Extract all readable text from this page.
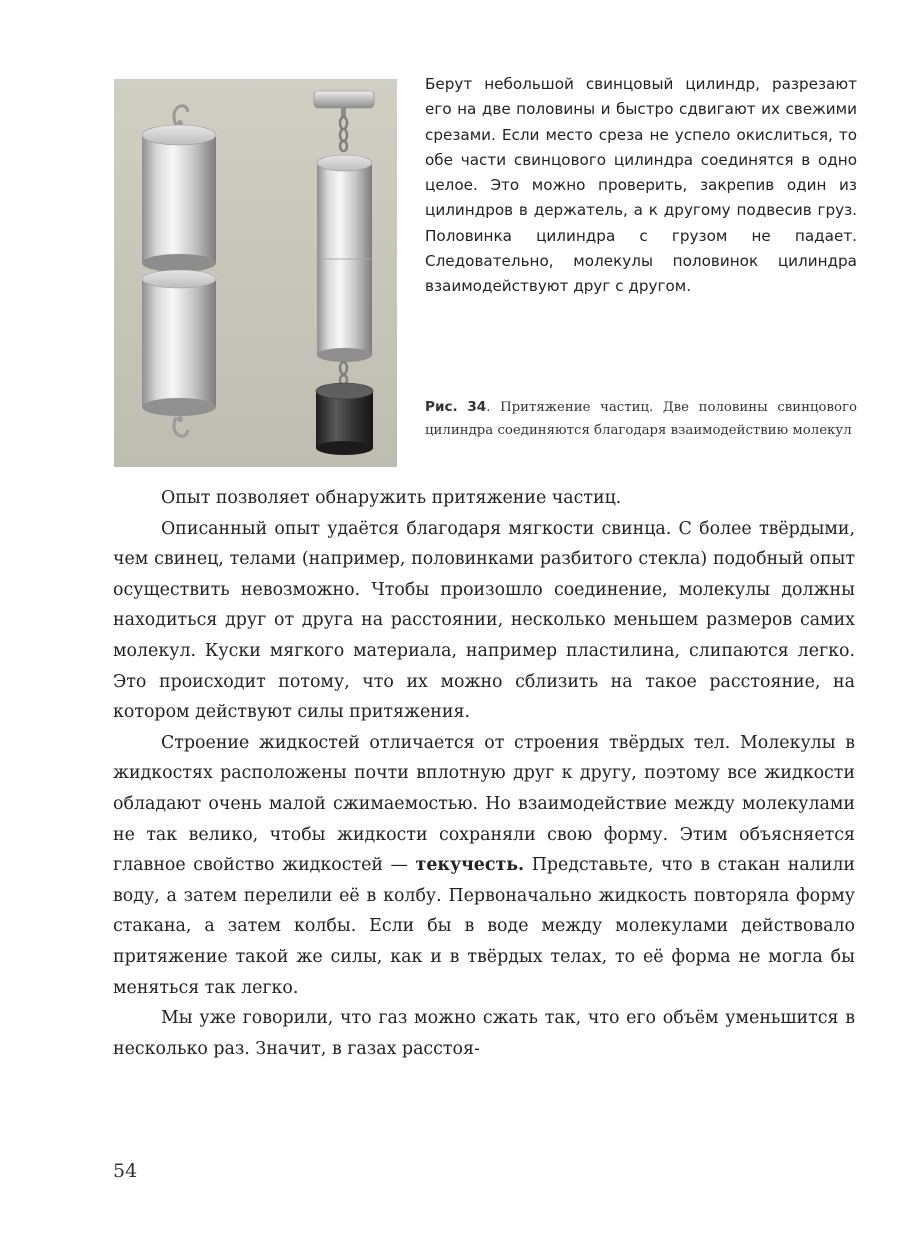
Берут небольшой свинцовый цилиндр, разрезают его на две половины и быстро сдвигают их свежими срезами. Если место среза не успело окислиться, то обе части свинцового цилиндра соединятся в одно целое. Это можно проверить, закрепив один из цилиндров в держатель, а к другому подвесив груз. Половинка цилиндра с грузом не падает. Следовательно, молекулы половинок цилиндра взаимодействуют друг с другом.

Рис. 34. Притяжение частиц. Две половины свинцового цилиндра соединяются благодаря взаимодействию молекул

Опыт позволяет обнаружить притяжение частиц.

Описанный опыт удаётся благодаря мягкости свинца. С более твёрдыми, чем свинец, телами (например, половинками разбитого стекла) подобный опыт осуществить невозможно. Чтобы произошло соединение, молекулы должны находиться друг от друга на расстоянии, несколько меньшем размеров самих молекул. Куски мягкого материала, например пластилина, слипаются легко. Это происходит потому, что их можно сблизить на такое расстояние, на котором действуют силы притяжения.

Строение жидкостей отличается от строения твёрдых тел. Молекулы в жидкостях расположены почти вплотную друг к другу, поэтому все жидкости обладают очень малой сжимаемостью. Но взаимодействие между молекулами не так велико, чтобы жидкости сохраняли свою форму. Этим объясняется главное свойство жидкостей — текучесть. Представьте, что в стакан налили воду, а затем перелили её в колбу. Первоначально жидкость повторяла форму стакана, а затем колбы. Если бы в воде между молекулами действовало притяжение такой же силы, как и в твёрдых телах, то её форма не могла бы меняться так легко.

Мы уже говорили, что газ можно сжать так, что его объём уменьшится в несколько раз. Значит, в газах расстоя-

54
